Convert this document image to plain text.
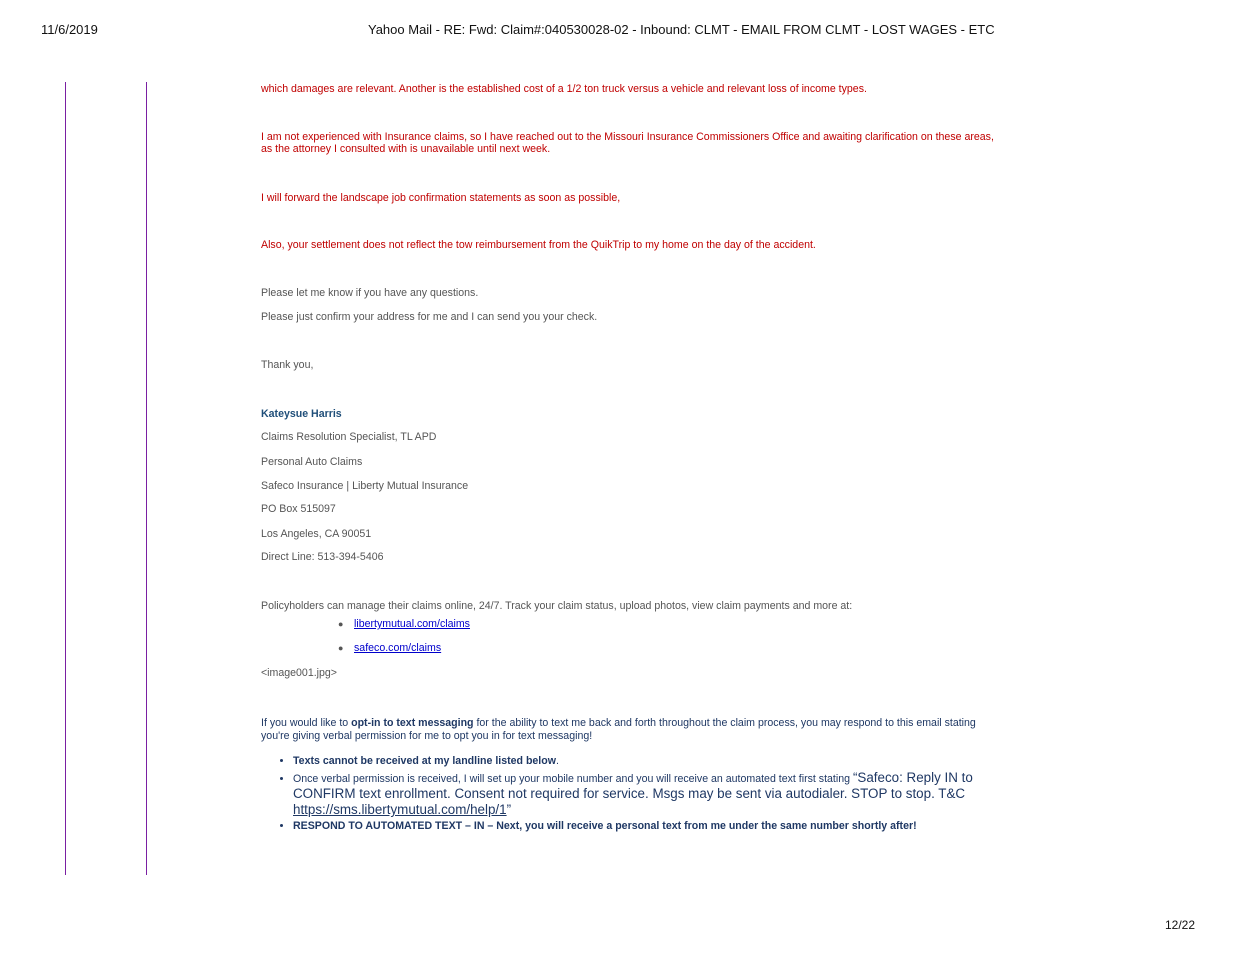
11/6/2019	Yahoo Mail - RE: Fwd: Claim#:040530028-02 - Inbound: CLMT - EMAIL FROM CLMT - LOST WAGES - ETC
which damages are relevant. Another is the established cost of a 1/2 ton truck versus a vehicle and relevant loss of income types.
I am not experienced with Insurance claims, so I have reached out to the Missouri Insurance Commissioners Office and awaiting clarification on these areas,
as the attorney I consulted with is unavailable until next week.
I will forward the landscape job confirmation statements as soon as possible,
Also, your settlement does not reflect the tow reimbursement from the QuikTrip to my home on the day of the accident.
Please let me know if you have any questions.
Please just confirm your address for me and I can send you your check.
Thank you,
Kateysue Harris
Claims Resolution Specialist, TL APD
Personal Auto Claims
Safeco Insurance | Liberty Mutual Insurance
PO Box 515097
Los Angeles, CA 90051
Direct Line: 513-394-5406
Policyholders can manage their claims online, 24/7. Track your claim status, upload photos, view claim payments and more at:
● libertymutual.com/claims
● safeco.com/claims
<image001.jpg>
If you would like to opt-in to text messaging for the ability to text me back and forth throughout the claim process, you may respond to this email stating
you're giving verbal permission for me to opt you in for text messaging!
• Texts cannot be received at my landline listed below.
• Once verbal permission is received, I will set up your mobile number and you will receive an automated text first stating “Safeco: Reply IN to CONFIRM text enrollment. Consent not required for service. Msgs may be sent via autodialer. STOP to stop. T&C https://sms.libertymutual.com/help/1”
• RESPOND TO AUTOMATED TEXT – IN – Next, you will receive a personal text from me under the same number shortly after!
12/22
